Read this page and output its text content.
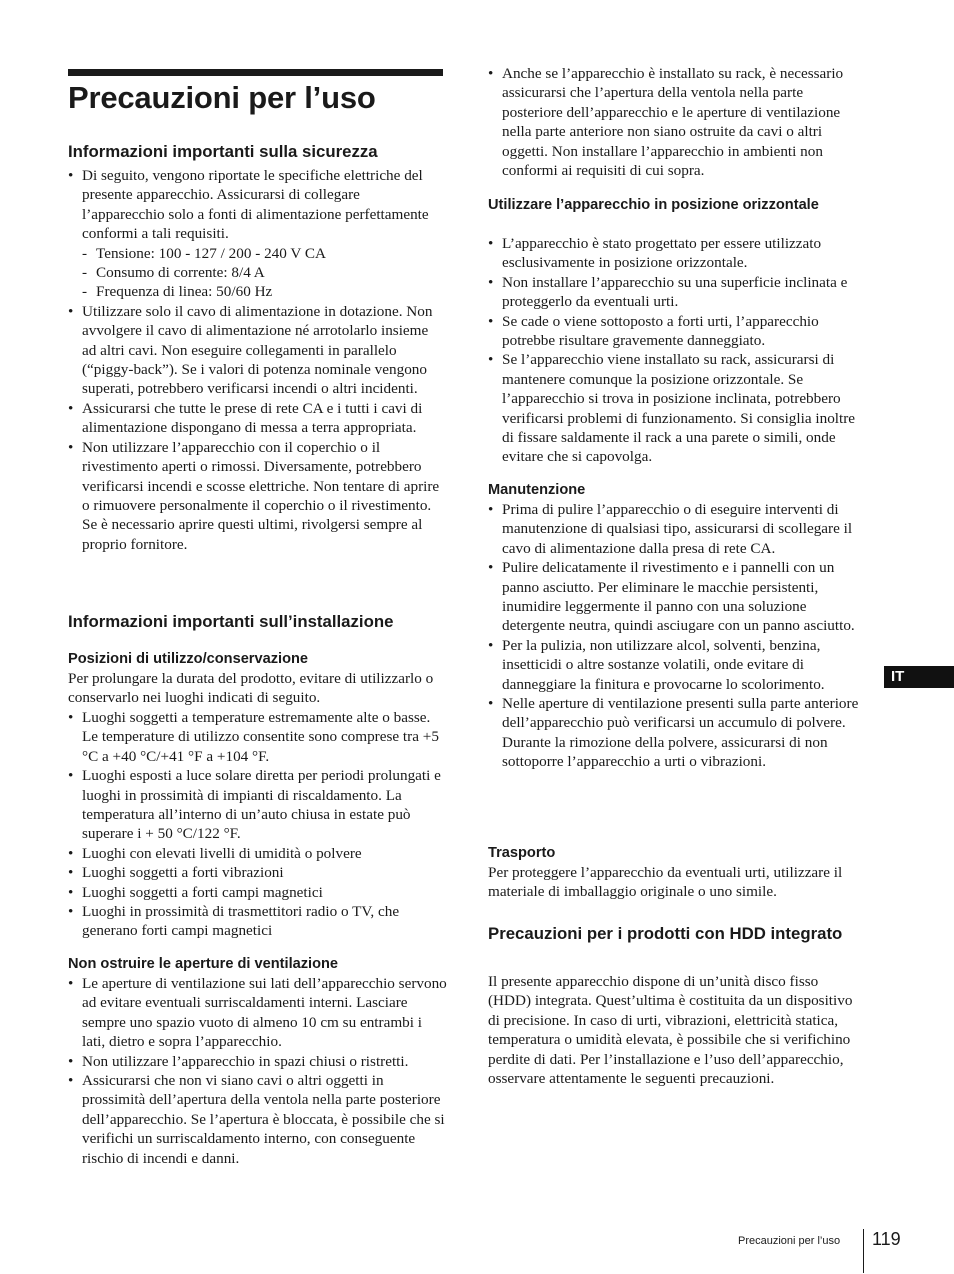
Precauzioni per l’uso
Informazioni importanti sulla sicurezza
• Di seguito, vengono riportate le specifiche elettriche del presente apparecchio. Assicurarsi di collegare l’apparecchio solo a fonti di alimentazione perfettamente conformi a tali requisiti.
- Tensione: 100 - 127 / 200 - 240 V CA
- Consumo di corrente: 8/4 A
- Frequenza di linea: 50/60 Hz
• Utilizzare solo il cavo di alimentazione in dotazione. Non avvolgere il cavo di alimentazione né arrotolarlo insieme ad altri cavi. Non eseguire collegamenti in parallelo (“piggy-back”). Se i valori di potenza nominale vengono superati, potrebbero verificarsi incendi o altri incidenti.
• Assicurarsi che tutte le prese di rete CA e i tutti i cavi di alimentazione dispongano di messa a terra appropriata.
• Non utilizzare l’apparecchio con il coperchio o il rivestimento aperti o rimossi. Diversamente, potrebbero verificarsi incendi e scosse elettriche. Non tentare di aprire o rimuovere personalmente il coperchio o il rivestimento. Se è necessario aprire questi ultimi, rivolgersi sempre al proprio fornitore.
Informazioni importanti sull’installazione
Posizioni di utilizzo/conservazione

Per prolungare la durata del prodotto, evitare di utilizzarlo o conservarlo nei luoghi indicati di seguito.

• Luoghi soggetti a temperature estremamente alte o basse. Le temperature di utilizzo consentite sono comprese tra +5 °C a +40 °C/+41 °F a +104 °F.
• Luoghi esposti a luce solare diretta per periodi prolungati e luoghi in prossimità di impianti di riscaldamento. La temperatura all’interno di un’auto chiusa in estate può superare i + 50 °C/122 °F.
• Luoghi con elevati livelli di umidità o polvere
• Luoghi soggetti a forti vibrazioni
• Luoghi soggetti a forti campi magnetici
• Luoghi in prossimità di trasmettitori radio o TV, che generano forti campi magnetici
Non ostruire le aperture di ventilazione
• Le aperture di ventilazione sui lati dell’apparecchio servono ad evitare eventuali surriscaldamenti interni. Lasciare sempre uno spazio vuoto di almeno 10 cm su entrambi i lati, dietro e sopra l’apparecchio.
• Non utilizzare l’apparecchio in spazi chiusi o ristretti.
• Assicurarsi che non vi siano cavi o altri oggetti in prossimità dell’apertura della ventola nella parte posteriore dell’apparecchio. Se l’apertura è bloccata, è possibile che si verifichi un surriscaldamento interno, con conseguente rischio di incendi e danni.
• Anche se l’apparecchio è installato su rack, è necessario assicurarsi che l’apertura della ventola nella parte posteriore dell’apparecchio e le aperture di ventilazione nella parte anteriore non siano ostruite da cavi o altri oggetti. Non installare l’apparecchio in ambienti non conformi ai requisiti di cui sopra.
Utilizzare l’apparecchio in posizione orizzontale
• L’apparecchio è stato progettato per essere utilizzato esclusivamente in posizione orizzontale.
• Non installare l’apparecchio su una superficie inclinata e proteggerlo da eventuali urti.
• Se cade o viene sottoposto a forti urti, l’apparecchio potrebbe risultare gravemente danneggiato.
• Se l’apparecchio viene installato su rack, assicurarsi di mantenere comunque la posizione orizzontale. Se l’apparecchio si trova in posizione inclinata, potrebbero verificarsi problemi di funzionamento. Si consiglia inoltre di fissare saldamente il rack a una parete o simili, onde evitare che si capovolga.
Manutenzione
• Prima di pulire l’apparecchio o di eseguire interventi di manutenzione di qualsiasi tipo, assicurarsi di scollegare il cavo di alimentazione dalla presa di rete CA.
• Pulire delicatamente il rivestimento e i pannelli con un panno asciutto. Per eliminare le macchie persistenti, inumidire leggermente il panno con una soluzione detergente neutra, quindi asciugare con un panno asciutto.
• Per la pulizia, non utilizzare alcol, solventi, benzina, insetticidi o altre sostanze volatili, onde evitare di danneggiare la finitura e provocarne lo scolorimento.
• Nelle aperture di ventilazione presenti sulla parte anteriore dell’apparecchio può verificarsi un accumulo di polvere. Durante la rimozione della polvere, assicurarsi di non sottoporre l’apparecchio a urti o vibrazioni.
Trasporto

Per proteggere l’apparecchio da eventuali urti, utilizzare il materiale di imballaggio originale o uno simile.

Precauzioni per i prodotti con HDD integrato

Il presente apparecchio dispone di un’unità disco fisso (HDD) integrata. Quest’ultima è costituita da un dispositivo di precisione. In caso di urti, vibrazioni, elettricità statica, temperatura o umidità elevata, è possibile che si verifichino perdite di dati. Per l’installazione e l’uso dell’apparecchio, osservare attentamente le seguenti precauzioni.

IT
Precauzioni per l’uso 119
